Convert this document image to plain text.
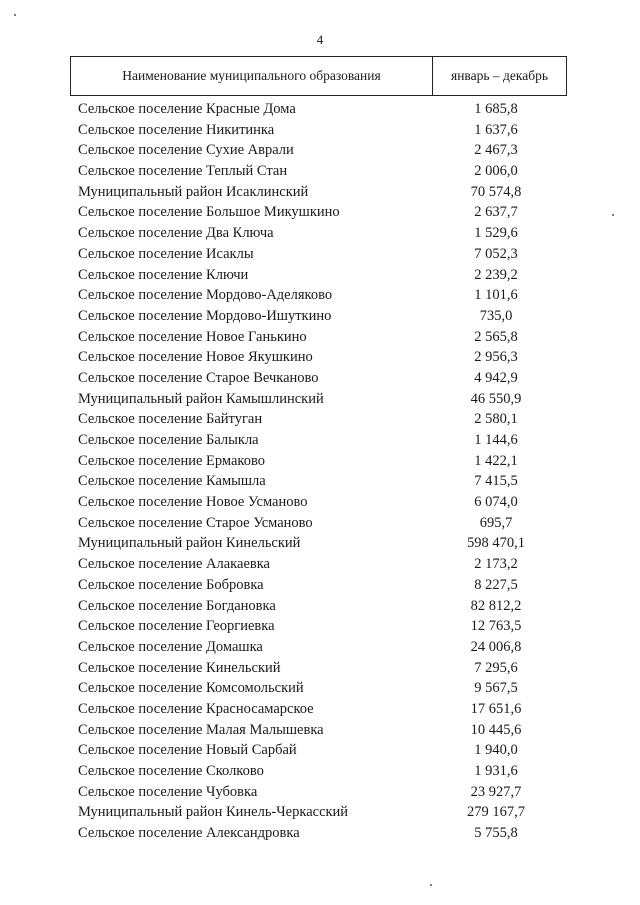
4
Наименование муниципального образования	январь – декабрь
Сельское поселение Красные Дома	1 685,8
Сельское поселение Никитинка	1 637,6
Сельское поселение Сухие Аврали	2 467,3
Сельское поселение Теплый Стан	2 006,0
Муниципальный район Исаклинский	70 574,8
Сельское поселение Большое Микушкино	2 637,7
Сельское поселение Два Ключа	1 529,6
Сельское поселение Исаклы	7 052,3
Сельское поселение Ключи	2 239,2
Сельское поселение Мордово-Аделяково	1 101,6
Сельское поселение Мордово-Ишуткино	735,0
Сельское поселение Новое Ганькино	2 565,8
Сельское поселение Новое Якушкино	2 956,3
Сельское поселение Старое Вечканово	4 942,9
Муниципальный район Камышлинский	46 550,9
Сельское поселение Байтуган	2 580,1
Сельское поселение Балыкла	1 144,6
Сельское поселение Ермаково	1 422,1
Сельское поселение Камышла	7 415,5
Сельское поселение Новое Усманово	6 074,0
Сельское поселение Старое Усманово	695,7
Муниципальный район Кинельский	598 470,1
Сельское поселение Алакаевка	2 173,2
Сельское поселение Бобровка	8 227,5
Сельское поселение Богдановка	82 812,2
Сельское поселение Георгиевка	12 763,5
Сельское поселение Домашка	24 006,8
Сельское поселение Кинельский	7 295,6
Сельское поселение Комсомольский	9 567,5
Сельское поселение Красносамарское	17 651,6
Сельское поселение Малая Малышевка	10 445,6
Сельское поселение Новый Сарбай	1 940,0
Сельское поселение Сколково	1 931,6
Сельское поселение Чубовка	23 927,7
Муниципальный район Кинель-Черкасский	279 167,7
Сельское поселение Александровка	5 755,8
